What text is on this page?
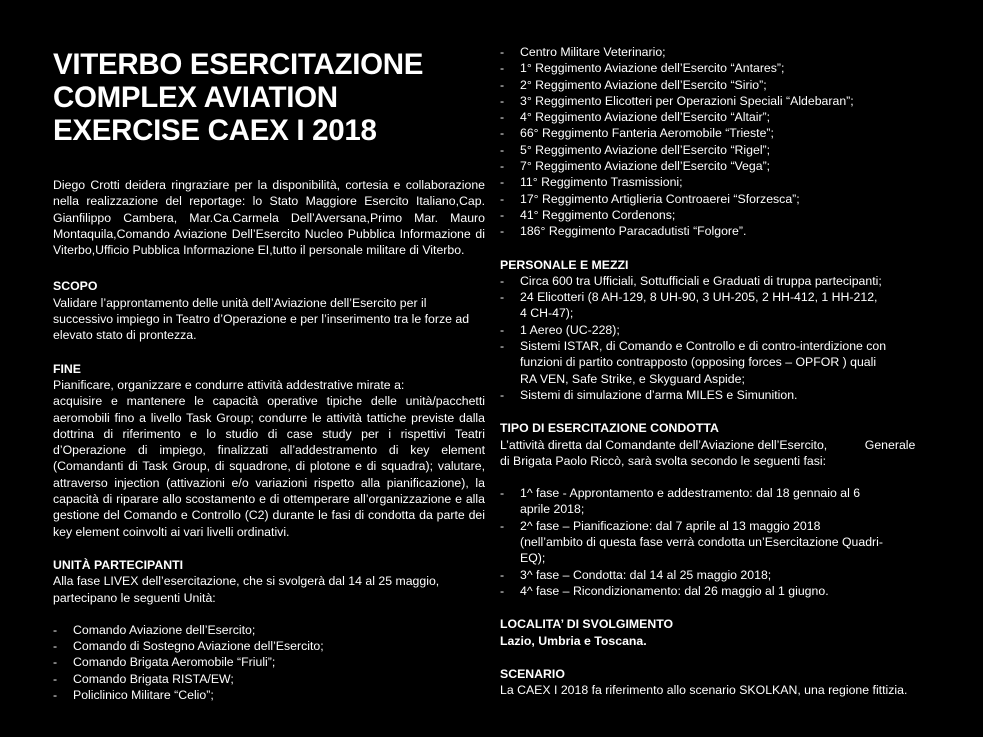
VITERBO ESERCITAZIONE
COMPLEX AVIATION
EXERCISE CAEX I 2018

Diego Crotti deidera ringraziare per la disponibilità, cortesia e collaborazione nella realizzazione del reportage: lo Stato Maggiore Esercito Italiano,Cap. Gianfilippo Cambera, Mar.Ca.Carmela Dell’Aversana,Primo Mar. Mauro Montaquila,Comando Aviazione Dell’Esercito Nucleo Pubblica Informazione di Viterbo,Ufficio Pubblica Informazione EI,tutto il personale militare di Viterbo.

SCOPO

Validare l’approntamento delle unità dell’Aviazione dell’Esercito per il successivo impiego in Teatro d’Operazione e per l’inserimento tra le forze ad elevato stato di prontezza.

FINE

Pianificare, organizzare e condurre attività addestrative mirate a:

acquisire e mantenere le capacità operative tipiche delle unità/pacchetti aeromobili fino a livello Task Group; condurre le attività tattiche previste dalla dottrina di riferimento e lo studio di case study per i rispettivi Teatri d’Operazione di impiego, finalizzati all’addestramento di key element (Comandanti di Task Group, di squadrone, di plotone e di squadra); valutare, attraverso injection (attivazioni e/o variazioni rispetto alla pianificazione), la capacità di riparare allo scostamento e di ottemperare all’organizzazione e alla gestione del Comando e Controllo (C2) durante le fasi di condotta da parte dei key element coinvolti ai vari livelli ordinativi.

UNITÀ PARTECIPANTI

Alla fase LIVEX dell’esercitazione, che si svolgerà dal 14 al 25 maggio, partecipano le seguenti Unità:

- Comando Aviazione dell’Esercito;
- Comando di Sostegno Aviazione dell’Esercito;
- Comando Brigata Aeromobile “Friuli”;
- Comando Brigata RISTA/EW;
- Policlinico Militare “Celio”;
- Centro Militare Veterinario;
- 1° Reggimento Aviazione dell’Esercito “Antares”;
- 2° Reggimento Aviazione dell’Esercito “Sirio”;
- 3° Reggimento Elicotteri per Operazioni Speciali “Aldebaran”;
- 4° Reggimento Aviazione dell’Esercito “Altair”;
- 66° Reggimento Fanteria Aeromobile “Trieste”;
- 5° Reggimento Aviazione dell’Esercito “Rigel”;
- 7° Reggimento Aviazione dell’Esercito “Vega”;
- 11° Reggimento Trasmissioni;
- 17° Reggimento Artiglieria Controaerei “Sforzesca”;
- 41° Reggimento Cordenons;
- 186° Reggimento Paracadutisti “Folgore”.
PERSONALE E MEZZI
- Circa 600 tra Ufficiali, Sottufficiali e Graduati di truppa partecipanti;
- 24 Elicotteri (8 AH-129, 8 UH-90, 3 UH-205, 2 HH-412, 1 HH-212,
4 CH-47);
- 1 Aereo (UC-228);
- Sistemi ISTAR, di Comando e Controllo e di contro-interdizione con
funzioni di partito contrapposto (opposing forces – OPFOR ) quali
RA VEN, Safe Strike, e Skyguard Aspide;
- Sistemi di simulazione d’arma MILES e Simunition.
TIPO DI ESERCITAZIONE CONDOTTA

L’attività diretta dal Comandante dell’Aviazione dell’Esercito,           Generale

di Brigata Paolo Riccò, sarà svolta secondo le seguenti fasi:

- 1^ fase - Approntamento e addestramento: dal 18 gennaio al 6
aprile 2018;
- 2^ fase – Pianificazione: dal 7 aprile al 13 maggio 2018
(nell’ambito di questa fase verrà condotta un’Esercitazione Quadri-
EQ);
- 3^ fase – Condotta: dal 14 al 25 maggio 2018;
- 4^ fase – Ricondizionamento: dal 26 maggio al 1 giugno.
LOCALITA’ DI SVOLGIMENTO

Lazio, Umbria e Toscana.

SCENARIO

La CAEX I 2018 fa riferimento allo scenario SKOLKAN, una regione fittizia.
